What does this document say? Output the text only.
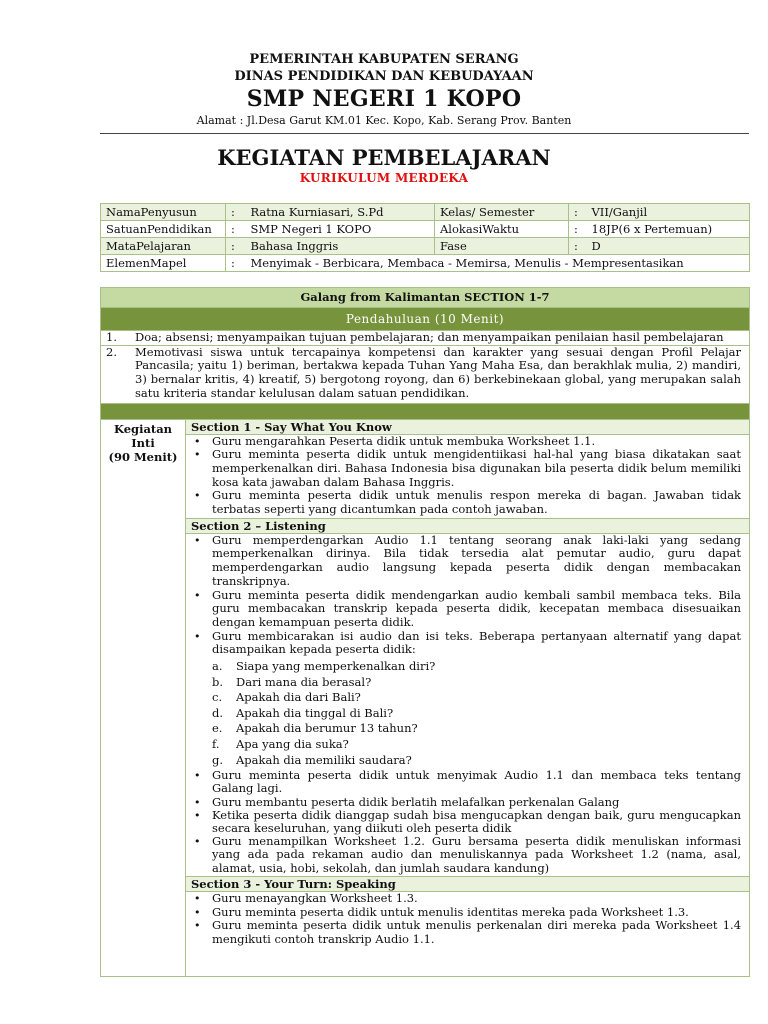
PEMERINTAH KABUPATEN SERANG
DINAS PENDIDIKAN DAN KEBUDAYAAN
SMP NEGERI 1 KOPO
Alamat : Jl.Desa Garut KM.01 Kec. Kopo, Kab. Serang Prov. Banten
KEGIATAN PEMBELAJARAN
KURIKULUM MERDEKA
NamaPenyusun	:	Ratna Kurniasari, S.Pd	Kelas/ Semester	:	VII/Ganjil
SatuanPendidikan	:	SMP Negeri 1 KOPO	AlokasiWaktu	:	18JP(6 x Pertemuan)
MataPelajaran	:	Bahasa Inggris	Fase	:	D
ElemenMapel	:	Menyimak - Berbicara, Membaca - Memirsa, Menulis - Mempresentasikan			
Galang from Kalimantan SECTION 1-7
Pendahuluan (10 Menit)

1. Doa; absensi; menyampaikan tujuan pembelajaran; dan menyampaikan penilaian hasil pembelajaran
2. Memotivasi siswa untuk tercapainya kompetensi dan karakter yang sesuai dengan Profil Pelajar Pancasila; yaitu 1) beriman, bertakwa kepada Tuhan Yang Maha Esa, dan berakhlak mulia, 2) mandiri, 3) bernalar kritis, 4) kreatif, 5) bergotong royong, dan 6) berkebinekaan global, yang merupakan salah satu kriteria standar kelulusan dalam satuan pendidikan.

Kegiatan
Inti
(90 Menit)
	Section 1 - Say What You Know

• Guru mengarahkan Peserta didik untuk membuka Worksheet 1.1.
• Guru meminta peserta didik untuk mengidentiikasi hal-hal yang biasa dikatakan saat memperkenalkan diri. Bahasa Indonesia bisa digunakan bila peserta didik belum memiliki kosa kata jawaban dalam Bahasa Inggris.
• Guru meminta peserta didik untuk menulis respon mereka di bagan. Jawaban tidak terbatas seperti yang dicantumkan pada contoh jawaban.

Section 2 – Listening

• Guru memperdengarkan Audio 1.1 tentang seorang anak laki-laki yang sedang memperkenalkan dirinya. Bila tidak tersedia alat pemutar audio, guru dapat memperdengarkan audio langsung kepada peserta didik dengan membacakan transkripnya.
• Guru meminta peserta didik mendengarkan audio kembali sambil membaca teks. Bila guru membacakan transkrip kepada peserta didik, kecepatan membaca disesuaikan dengan kemampuan peserta didik.
• Guru membicarakan isi audio dan isi teks. Beberapa pertanyaan alternatif yang dapat disampaikan kepada peserta didik:
a. Siapa yang memperkenalkan diri?
b. Dari mana dia berasal?
c. Apakah dia dari Bali?
d. Apakah dia tinggal di Bali?
e. Apakah dia berumur 13 tahun?
f. Apa yang dia suka?
g. Apakah dia memiliki saudara?
• Guru meminta peserta didik untuk menyimak Audio 1.1 dan membaca teks tentang Galang lagi.
• Guru membantu peserta didik berlatih melafalkan perkenalan Galang
• Ketika peserta didik dianggap sudah bisa mengucapkan dengan baik, guru mengucapkan secara keseluruhan, yang diikuti oleh peserta didik
• Guru menampilkan Worksheet 1.2. Guru bersama peserta didik menuliskan informasi yang ada pada rekaman audio dan menuliskannya pada Worksheet 1.2 (nama, asal, alamat, usia, hobi, sekolah, dan jumlah saudara kandung)

Section 3 - Your Turn: Speaking

• Guru menayangkan Worksheet 1.3.
• Guru meminta peserta didik untuk menulis identitas mereka pada Worksheet 1.3.
• Guru meminta peserta didik untuk menulis perkenalan diri mereka pada Worksheet 1.4 mengikuti contoh transkrip Audio 1.1.
